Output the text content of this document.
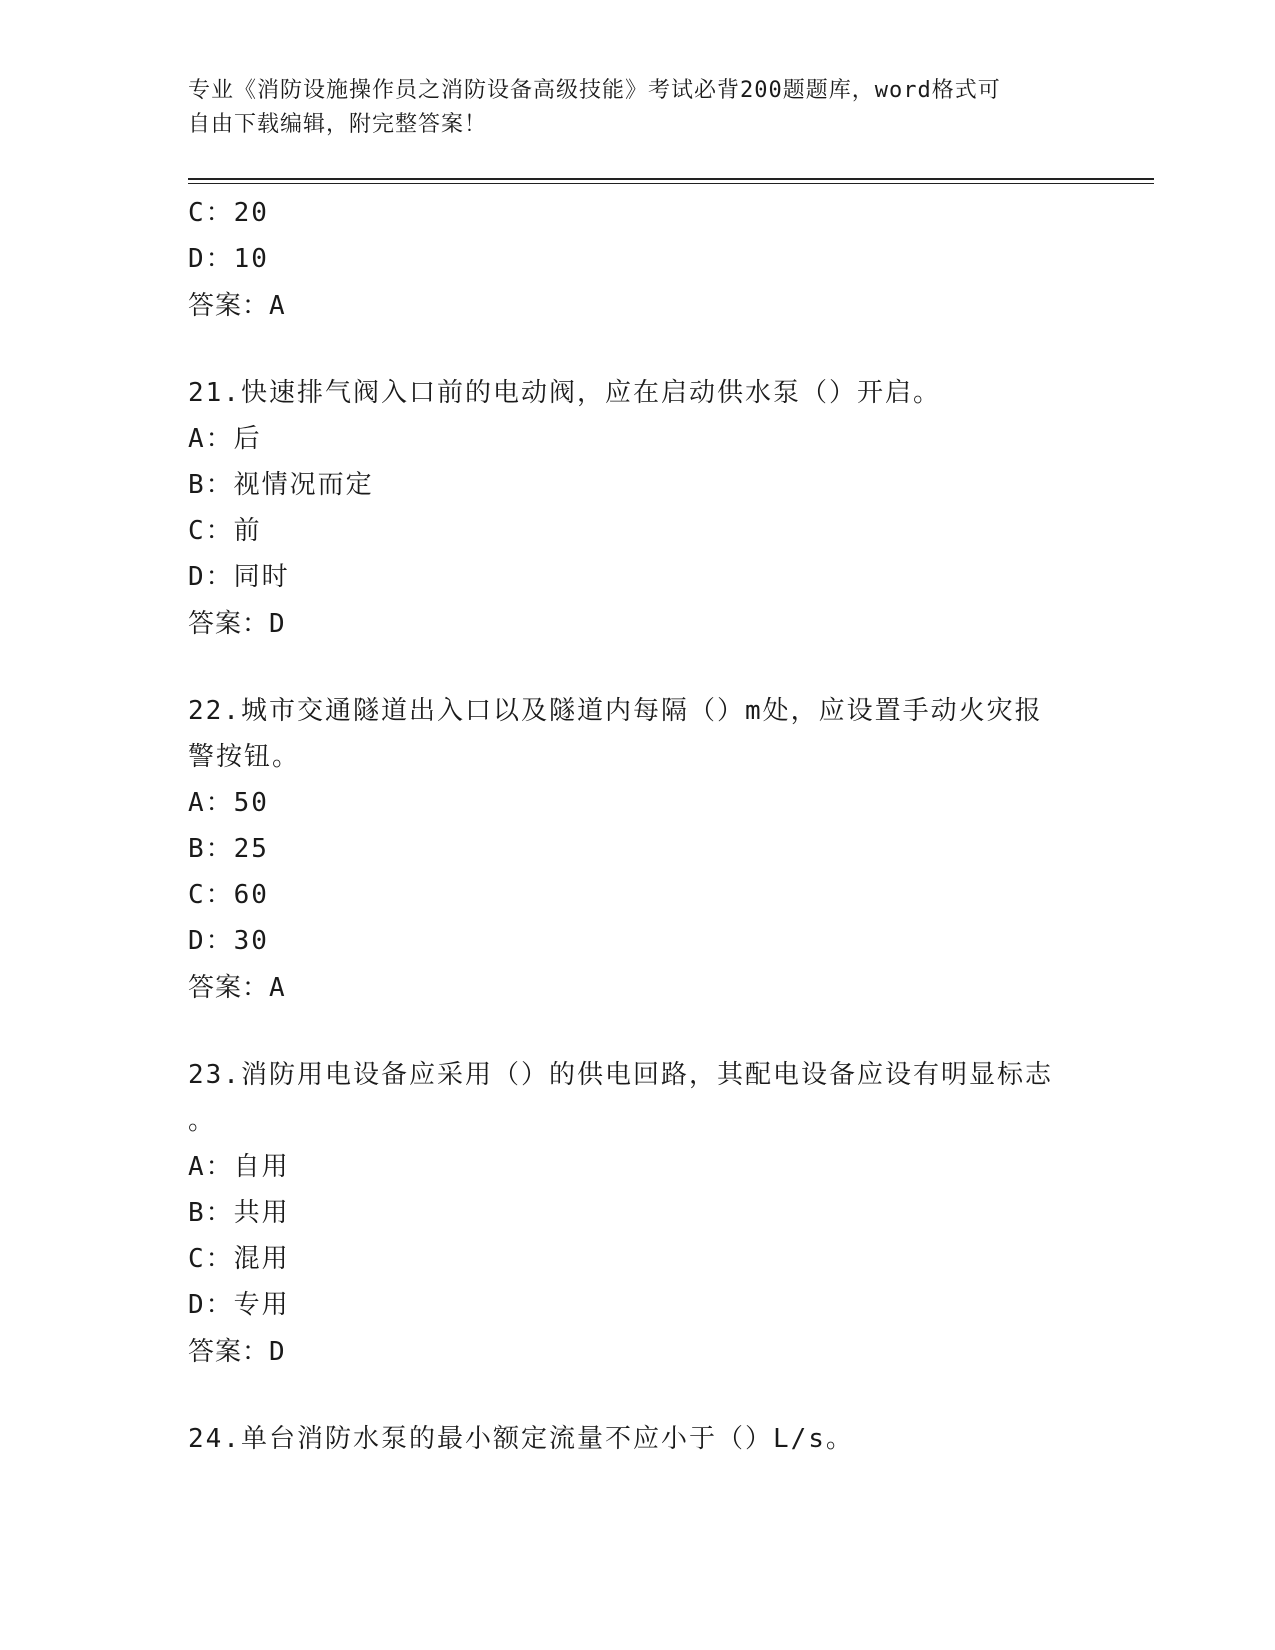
专业《消防设施操作员之消防设备高级技能》考试必背200题题库，word格式可
自由下载编辑，附完整答案！
C：20
D：10
答案：A
21.快速排气阀入口前的电动阀，应在启动供水泵（）开启。
A：后
B：视情况而定
C：前
D：同时
答案：D
22.城市交通隧道出入口以及隧道内每隔（）m处，应设置手动火灾报
警按钮。
A：50
B：25
C：60
D：30
答案：A
23.消防用电设备应采用（）的供电回路，其配电设备应设有明显标志
。
A：自用
B：共用
C：混用
D：专用
答案：D
24.单台消防水泵的最小额定流量不应小于（）L/s。
